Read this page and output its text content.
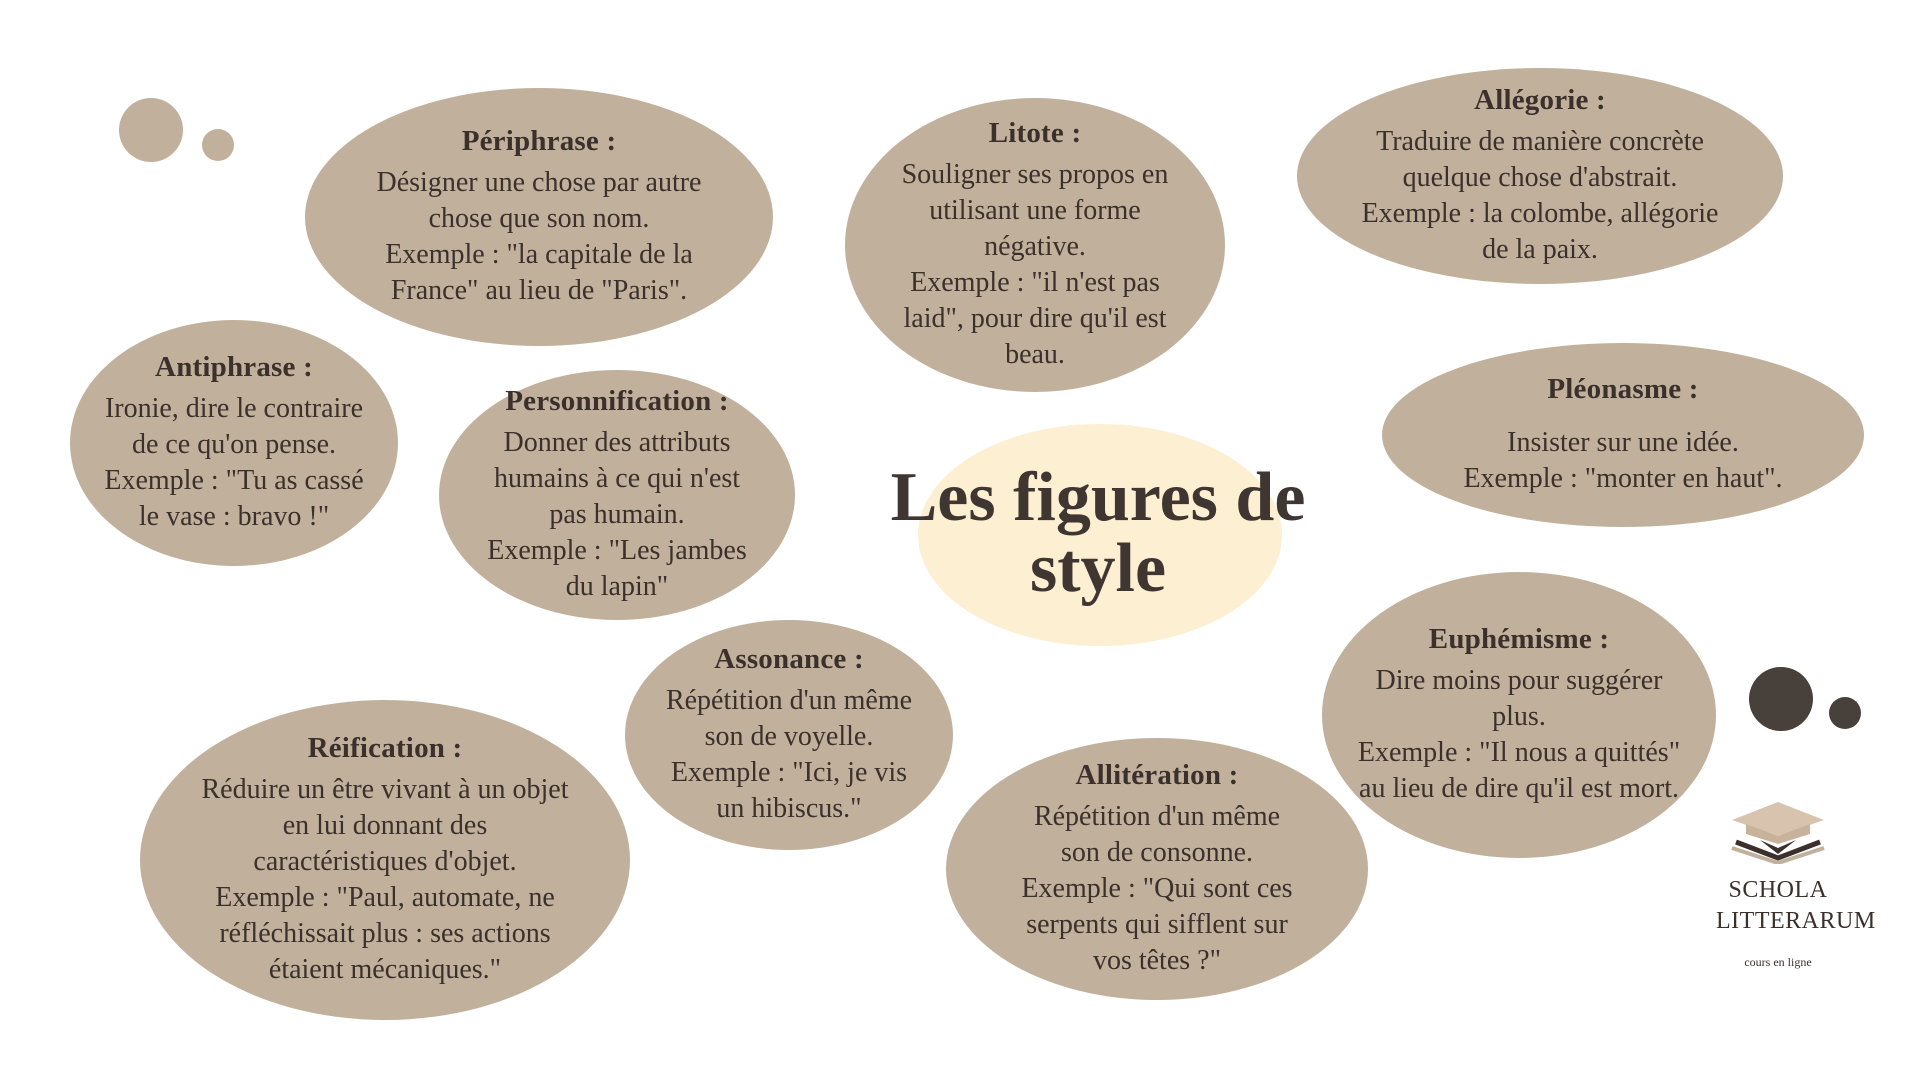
Les figures de
style
Périphrase :
Désigner une chose par autre
chose que son nom.
Exemple : "la capitale de la
France" au lieu de "Paris".
Litote :
Souligner ses propos en
utilisant une forme
négative.
Exemple : "il n'est pas
laid", pour dire qu'il est
beau.
Allégorie :
Traduire de manière concrète
quelque chose d'abstrait.
Exemple : la colombe, allégorie
de la paix.
Antiphrase :
Ironie, dire le contraire
de ce qu'on pense.
Exemple : "Tu as cassé
le vase : bravo !"
Personnification :
Donner des attributs
humains à ce qui n'est
pas humain.
Exemple : "Les jambes
du lapin"
Pléonasme :
Insister sur une idée.
Exemple : "monter en haut".
Euphémisme :
Dire moins pour suggérer
plus.
Exemple : "Il nous a quittés"
au lieu de dire qu'il est mort.
Assonance :
Répétition d'un même
son de voyelle.
Exemple : "Ici, je vis
un hibiscus."
Réification :
Réduire un être vivant à un objet
en lui donnant des
caractéristiques d'objet.
Exemple : "Paul, automate, ne
réfléchissait plus : ses actions
étaient mécaniques."
Allitération :
Répétition d'un même
son de consonne.
Exemple : "Qui sont ces
serpents qui sifflent sur
vos têtes ?"
SCHOLA
LITTERARUM
cours en ligne
